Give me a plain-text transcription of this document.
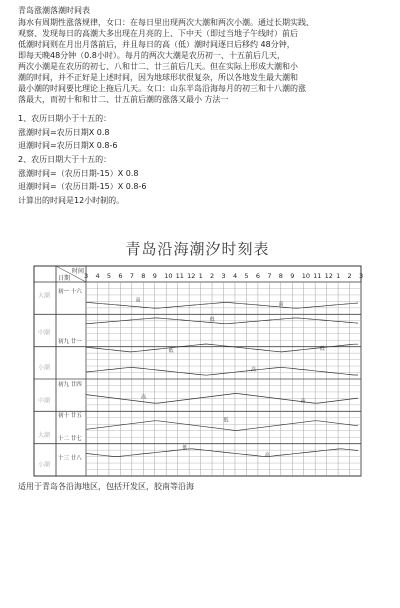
青岛涨潮落潮时间表
海水有周期性涨落规律，女口：在每日里出现两次大潮和两次小潮。通过长期实践、
观察、发现每日的高潮大多出现在月亮的上、下中天（即过当地子午线时）前后
低潮时间则在月出月落前后，并且每日的高（低）潮时间逐日后移约 48分钟，
即每天晚48分钟（0.8小时）。每月的两次大潮是农历初一、十五前后几天，
两次小潮是在农历的初七、八和廿二、廿三前后几天。但在实际上形成大潮和小
潮的时间，并不正好是上述时间，因为地球形状很复杂，所以各地发生最大潮和
最小潮的时间要比理论上拖后几天。女口：山东半岛沿海每月的初三和十八潮的涨
落最大，而初十和和廿二、廿五前后潮的涨落又最小 方法一
1、农历日期小于十五的：
涨潮时间=农历日期X 0.8
退潮时间=农历日期X 0.8-6
2、农历日期大于十五的：
涨潮时间=（农历日期-15）X 0.8
退潮时间=（农历日期-15）X 0.8-6
计算出的时间是12小时制的。
青岛沿海潮汐时刻表
时间
日期 3 4 5 6 7 8 9 10 11 12 1 2 3 4 5 6 7 8 9 10 11 12 1 2 3
大潮
中潮
小潮
中潮
大潮
小潮
初一 十六
初九 廿一
初九 廿四
初十 廿五
十二 廿七
十三 廿八
高
低
高
低
高
低
高
低
高
低
高
适用于青岛各沿海地区，包括开发区，胶南等沿海
